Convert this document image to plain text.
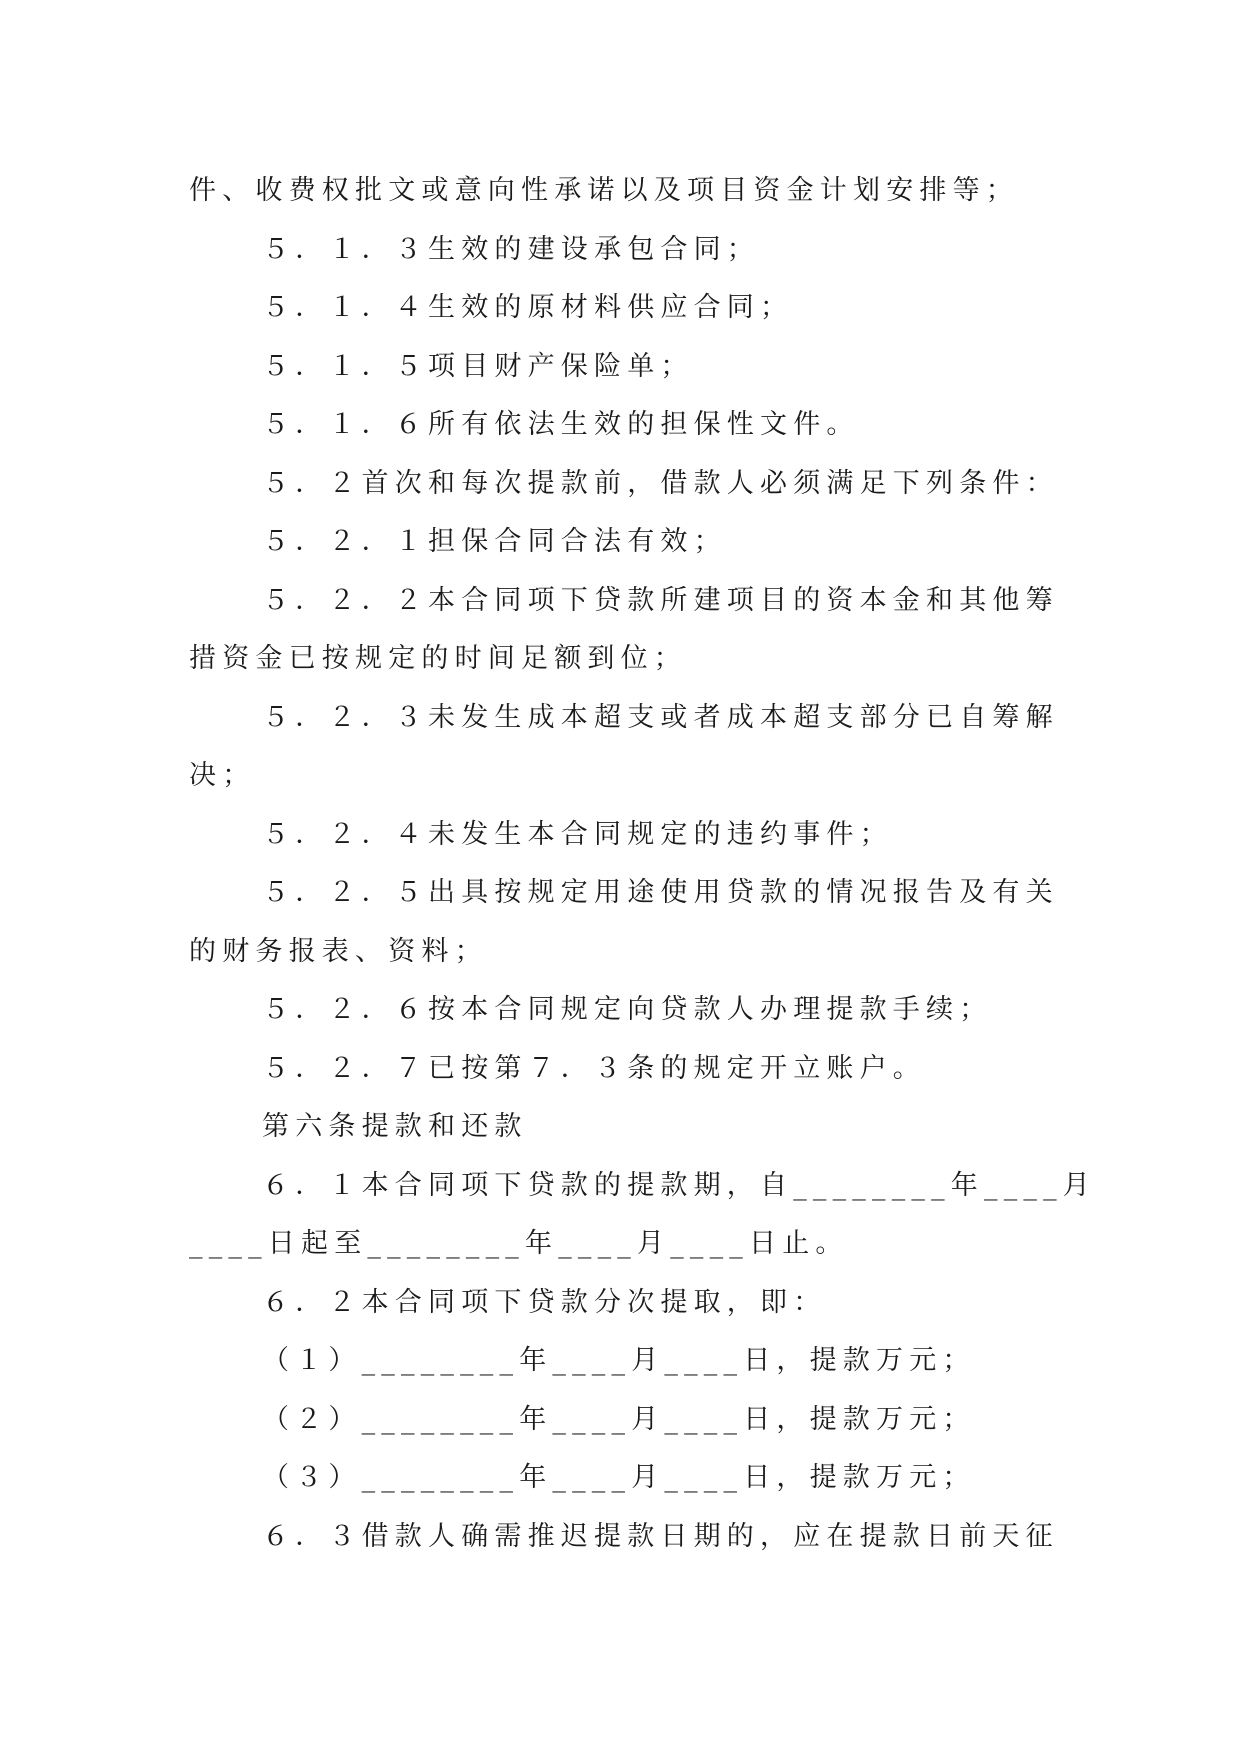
件、收费权批文或意向性承诺以及项目资金计划安排等；
５．１．３生效的建设承包合同；
５．１．４生效的原材料供应合同；
５．１．５项目财产保险单；
５．１．６所有依法生效的担保性文件。
５．２首次和每次提款前，借款人必须满足下列条件：
５．２．１担保合同合法有效；
５．２．２本合同项下贷款所建项目的资本金和其他筹
措资金已按规定的时间足额到位；
５．２．３未发生成本超支或者成本超支部分已自筹解
决；
５．２．４未发生本合同规定的违约事件；
５．２．５出具按规定用途使用贷款的情况报告及有关
的财务报表、资料；
５．２．６按本合同规定向贷款人办理提款手续；
５．２．７已按第７．３条的规定开立账户。
第六条提款和还款
６．１本合同项下贷款的提款期，自________年____月
____日起至________年____月____日止。
６．２本合同项下贷款分次提取，即：
（１）________年____月____日，提款万元；
（２）________年____月____日，提款万元；
（３）________年____月____日，提款万元；
６．３借款人确需推迟提款日期的，应在提款日前天征
